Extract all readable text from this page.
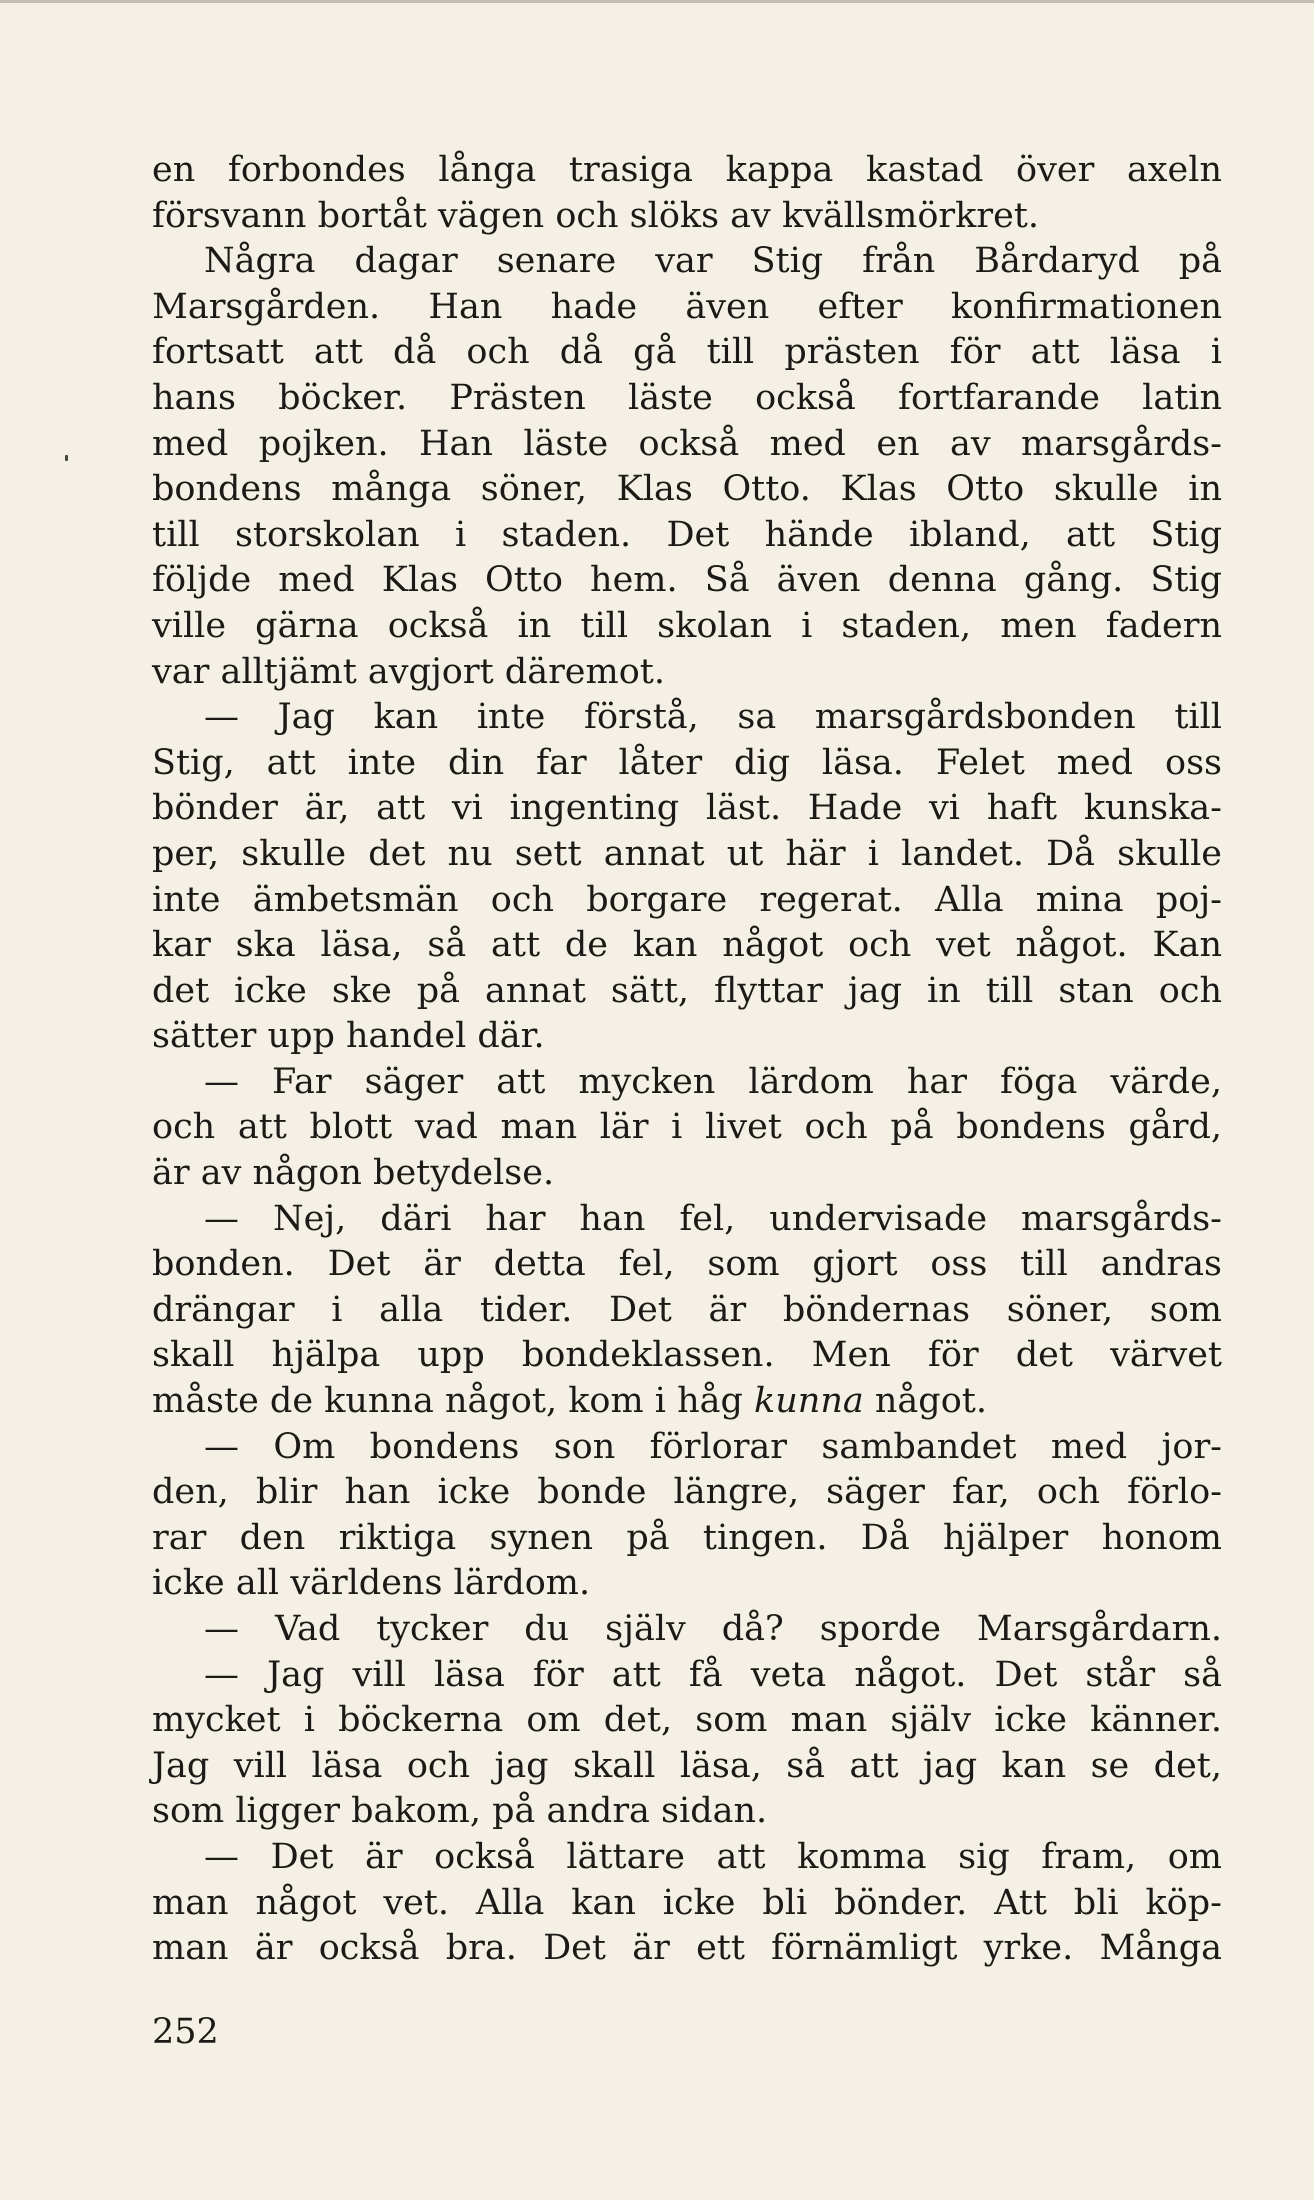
en forbondes långa trasiga kappa kastad över axeln
försvann bortåt vägen och slöks av kvällsmörkret.
Några dagar senare var Stig från Bårdaryd på
Marsgården. Han hade även efter konfirmationen
fortsatt att då och då gå till prästen för att läsa i
hans böcker. Prästen läste också fortfarande latin
med pojken. Han läste också med en av marsgårds-
bondens många söner, Klas Otto. Klas Otto skulle in
till storskolan i staden. Det hände ibland, att Stig
följde med Klas Otto hem. Så även denna gång. Stig
ville gärna också in till skolan i staden, men fadern
var alltjämt avgjort däremot.
— Jag kan inte förstå, sa marsgårdsbonden till
Stig, att inte din far låter dig läsa. Felet med oss
bönder är, att vi ingenting läst. Hade vi haft kunska-
per, skulle det nu sett annat ut här i landet. Då skulle
inte ämbetsmän och borgare regerat. Alla mina poj-
kar ska läsa, så att de kan något och vet något. Kan
det icke ske på annat sätt, flyttar jag in till stan och
sätter upp handel där.
— Far säger att mycken lärdom har föga värde,
och att blott vad man lär i livet och på bondens gård,
är av någon betydelse.
— Nej, däri har han fel, undervisade marsgårds-
bonden. Det är detta fel, som gjort oss till andras
drängar i alla tider. Det är böndernas söner, som
skall hjälpa upp bondeklassen. Men för det värvet
måste de kunna något, kom i håg kunna något.
— Om bondens son förlorar sambandet med jor-
den, blir han icke bonde längre, säger far, och förlo-
rar den riktiga synen på tingen. Då hjälper honom
icke all världens lärdom.
— Vad tycker du själv då? sporde Marsgårdarn.
— Jag vill läsa för att få veta något. Det står så
mycket i böckerna om det, som man själv icke känner.
Jag vill läsa och jag skall läsa, så att jag kan se det,
som ligger bakom, på andra sidan.
— Det är också lättare att komma sig fram, om
man något vet. Alla kan icke bli bönder. Att bli köp-
man är också bra. Det är ett förnämligt yrke. Många
252
